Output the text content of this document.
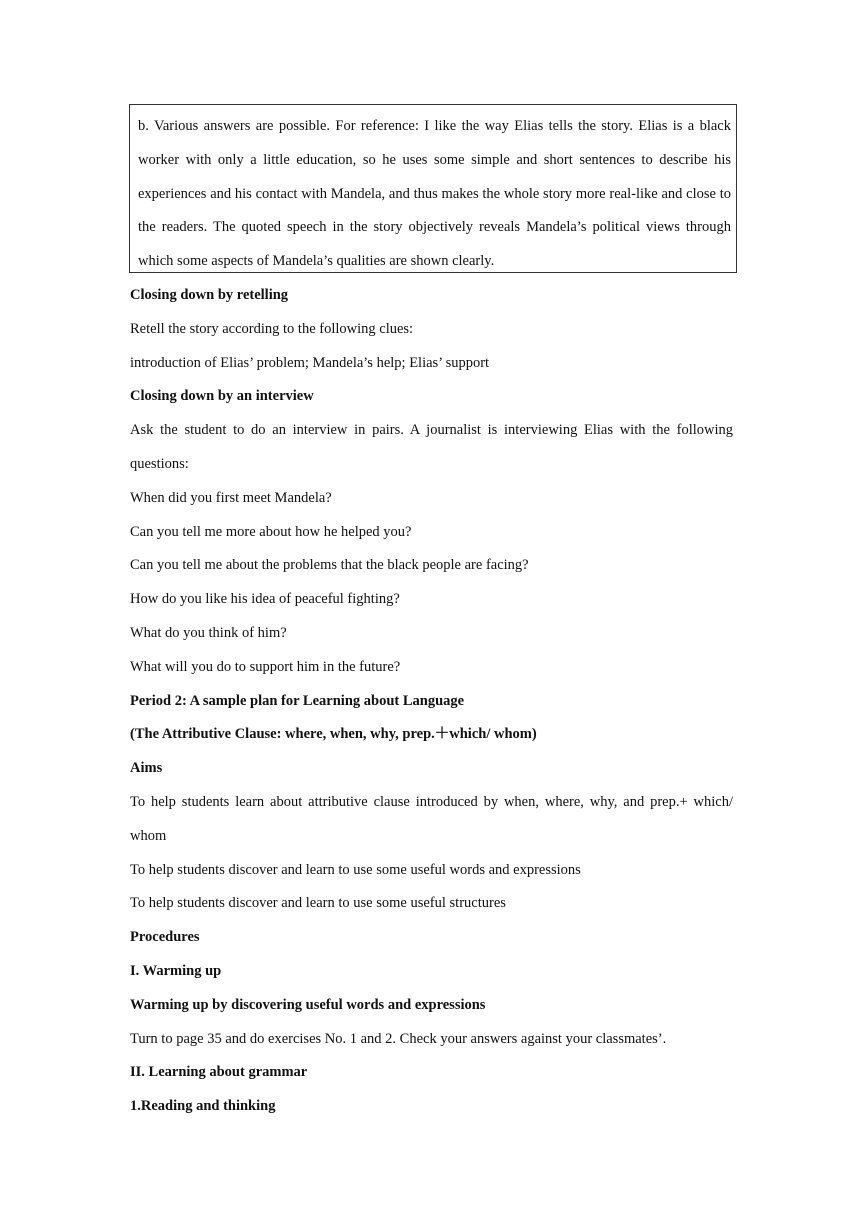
b. Various answers are possible. For reference: I like the way Elias tells the story. Elias is a black worker with only a little education, so he uses some simple and short sentences to describe his experiences and his contact with Mandela, and thus makes the whole story more real-like and close to the readers. The quoted speech in the story objectively reveals Mandela’s political views through which some aspects of Mandela’s qualities are shown clearly.
Closing down by retelling
Retell the story according to the following clues:
introduction of Elias’ problem; Mandela’s help; Elias’ support
Closing down by an interview
Ask the student to do an interview in pairs. A journalist is interviewing Elias with the following questions:
When did you first meet Mandela?
Can you tell me more about how he helped you?
Can you tell me about the problems that the black people are facing?
How do you like his idea of peaceful fighting?
What do you think of him?
What will you do to support him in the future?
Period 2: A sample plan for Learning about Language
(The Attributive Clause: where, when, why, prep.＋which/ whom)
Aims
To help students learn about attributive clause introduced by when, where, why, and prep.+ which/ whom
To help students discover and learn to use some useful words and expressions
To help students discover and learn to use some useful structures
Procedures
I. Warming up
Warming up by discovering useful words and expressions
Turn to page 35 and do exercises No. 1 and 2. Check your answers against your classmates’.
II. Learning about grammar
1.Reading and thinking
